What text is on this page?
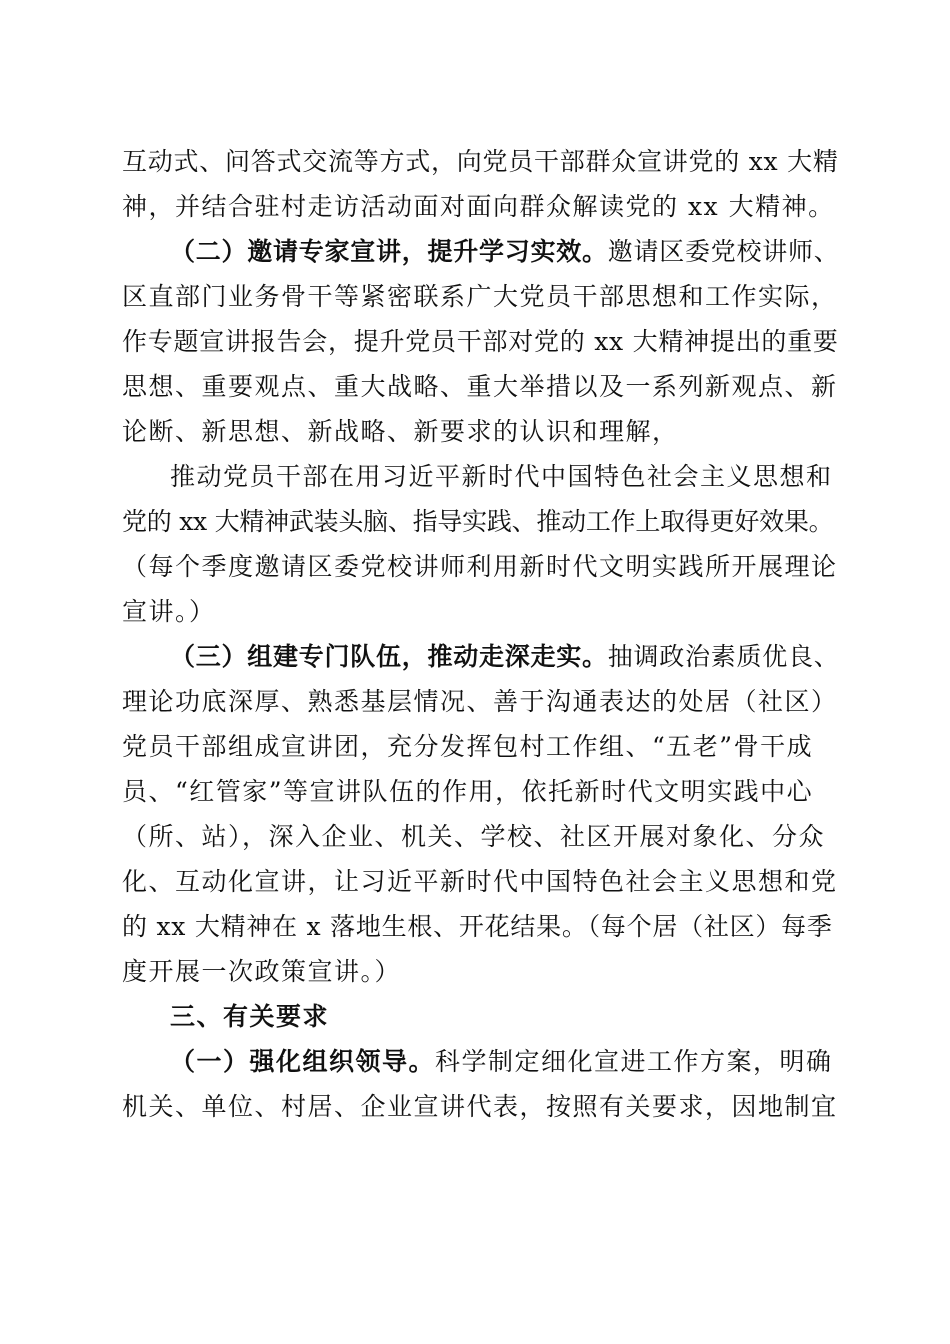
互动式、问答式交流等方式，向党员干部群众宣讲党的 xx 大精
神，并结合驻村走访活动面对面向群众解读党的 xx 大精神。
（二）邀请专家宣讲，提升学习实效。邀请区委党校讲师、
区直部门业务骨干等紧密联系广大党员干部思想和工作实际，
作专题宣讲报告会，提升党员干部对党的 xx 大精神提出的重要
思想、重要观点、重大战略、重大举措以及一系列新观点、新
论断、新思想、新战略、新要求的认识和理解，
推动党员干部在用习近平新时代中国特色社会主义思想和
党的 xx 大精神武装头脑、指导实践、推动工作上取得更好效果。
（每个季度邀请区委党校讲师利用新时代文明实践所开展理论
宣讲。）
（三）组建专门队伍，推动走深走实。抽调政治素质优良、
理论功底深厚、熟悉基层情况、善于沟通表达的处居（社区）
党员干部组成宣讲团，充分发挥包村工作组、“五老”骨干成
员、“红管家”等宣讲队伍的作用，依托新时代文明实践中心
（所、站），深入企业、机关、学校、社区开展对象化、分众
化、互动化宣讲，让习近平新时代中国特色社会主义思想和党
的 xx 大精神在 x 落地生根、开花结果。（每个居（社区）每季
度开展一次政策宣讲。）
三、有关要求
（一）强化组织领导。科学制定细化宣进工作方案，明确
机关、单位、村居、企业宣讲代表，按照有关要求，因地制宜
